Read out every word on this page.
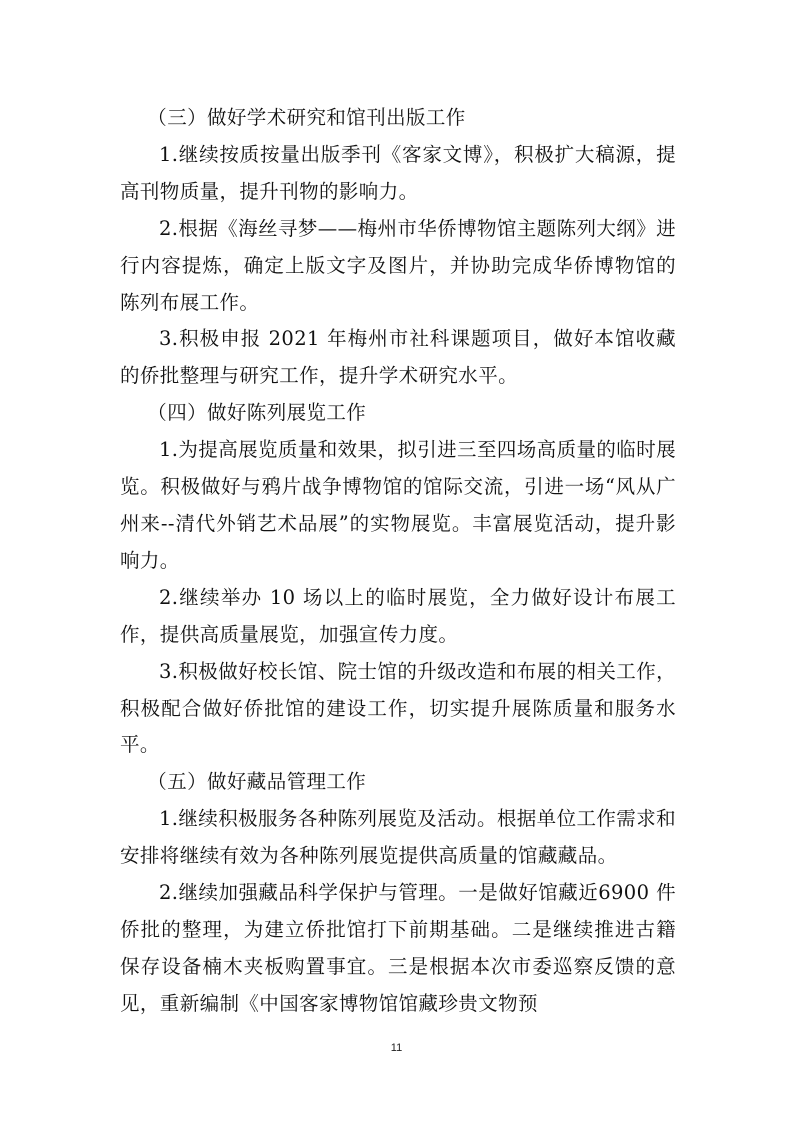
（三）做好学术研究和馆刊出版工作

1.继续按质按量出版季刊《客家文博》，积极扩大稿源，提高刊物质量，提升刊物的影响力。

2.根据《海丝寻梦——梅州市华侨博物馆主题陈列大纲》进行内容提炼，确定上版文字及图片，并协助完成华侨博物馆的陈列布展工作。

3.积极申报 2021 年梅州市社科课题项目，做好本馆收藏的侨批整理与研究工作，提升学术研究水平。

（四）做好陈列展览工作

1.为提高展览质量和效果，拟引进三至四场高质量的临时展览。积极做好与鸦片战争博物馆的馆际交流，引进一场“风从广州来--清代外销艺术品展”的实物展览。丰富展览活动，提升影响力。

2.继续举办 10 场以上的临时展览，全力做好设计布展工作，提供高质量展览，加强宣传力度。

3.积极做好校长馆、院士馆的升级改造和布展的相关工作，积极配合做好侨批馆的建设工作，切实提升展陈质量和服务水平。

（五）做好藏品管理工作

1.继续积极服务各种陈列展览及活动。根据单位工作需求和安排将继续有效为各种陈列展览提供高质量的馆藏藏品。

2.继续加强藏品科学保护与管理。一是做好馆藏近6900 件侨批的整理，为建立侨批馆打下前期基础。二是继续推进古籍保存设备楠木夹板购置事宜。三是根据本次市委巡察反馈的意见，重新编制《中国客家博物馆馆藏珍贵文物预

11
